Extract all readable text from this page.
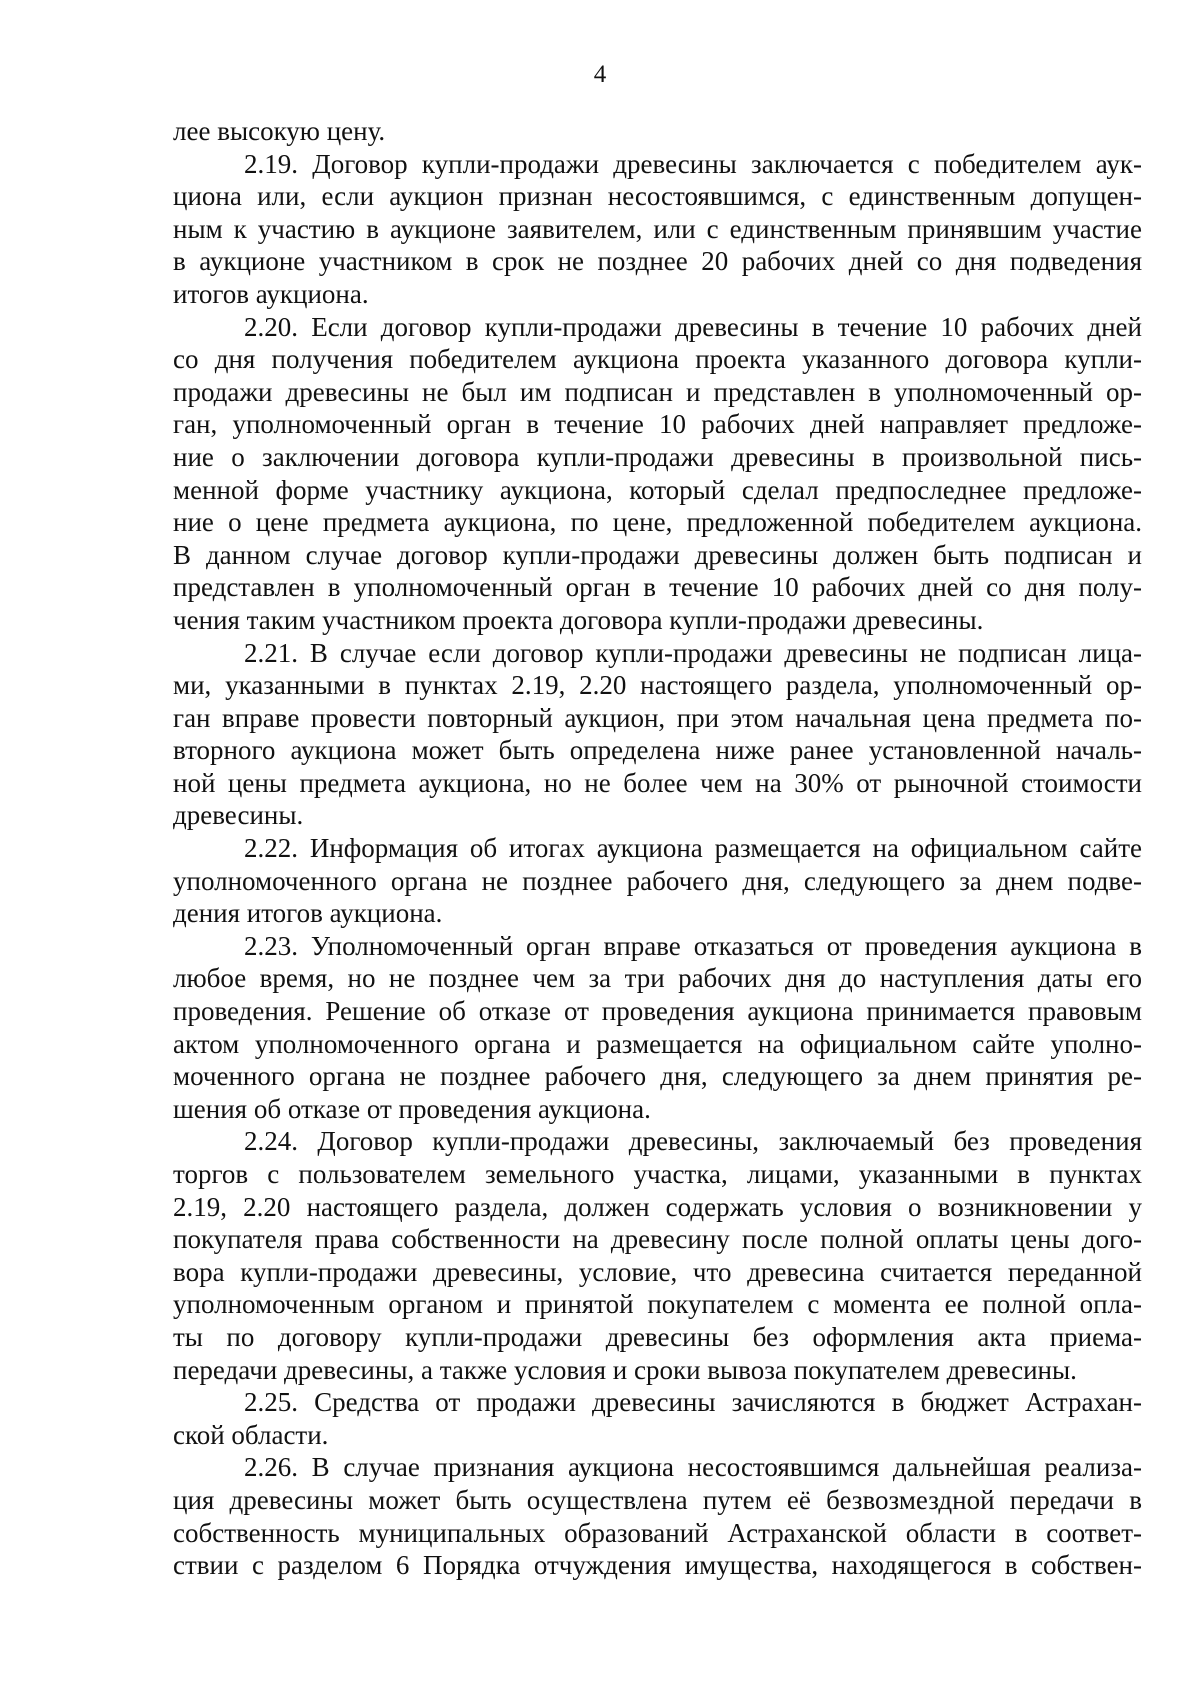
4
лее высокую цену.
2.19. Договор купли-продажи древесины заключается с победителем аук-
циона или, если аукцион признан несостоявшимся, с единственным допущен-
ным к участию в аукционе заявителем, или с единственным принявшим участие
в аукционе участником в срок не позднее 20 рабочих дней со дня подведения
итогов аукциона.
2.20. Если договор купли-продажи древесины в течение 10 рабочих дней
со дня получения победителем аукциона проекта указанного договора купли-
продажи древесины не был им подписан и представлен в уполномоченный ор-
ган, уполномоченный орган в течение 10 рабочих дней направляет предложе-
ние о заключении договора купли-продажи древесины в произвольной пись-
менной форме участнику аукциона, который сделал предпоследнее предложе-
ние о цене предмета аукциона, по цене, предложенной победителем аукциона.
В данном случае договор купли-продажи древесины должен быть подписан и
представлен в уполномоченный орган в течение 10 рабочих дней со дня полу-
чения таким участником проекта договора купли-продажи древесины.
2.21. В случае если договор купли-продажи древесины не подписан лица-
ми, указанными в пунктах 2.19, 2.20 настоящего раздела, уполномоченный ор-
ган вправе провести повторный аукцион, при этом начальная цена предмета по-
вторного аукциона может быть определена ниже ранее установленной началь-
ной цены предмета аукциона, но не более чем на 30% от рыночной стоимости
древесины.
2.22. Информация об итогах аукциона размещается на официальном сайте
уполномоченного органа не позднее рабочего дня, следующего за днем подве-
дения итогов аукциона.
2.23. Уполномоченный орган вправе отказаться от проведения аукциона в
любое время, но не позднее чем за три рабочих дня до наступления даты его
проведения. Решение об отказе от проведения аукциона принимается правовым
актом уполномоченного органа и размещается на официальном сайте уполно-
моченного органа не позднее рабочего дня, следующего за днем принятия ре-
шения об отказе от проведения аукциона.
2.24. Договор купли-продажи древесины, заключаемый без проведения
торгов с пользователем земельного участка, лицами, указанными в пунктах
2.19, 2.20 настоящего раздела, должен содержать условия о возникновении у
покупателя права собственности на древесину после полной оплаты цены дого-
вора купли-продажи древесины, условие, что древесина считается переданной
уполномоченным органом и принятой покупателем с момента ее полной опла-
ты по договору купли-продажи древесины без оформления акта приема-
передачи древесины, а также условия и сроки вывоза покупателем древесины.
2.25. Средства от продажи древесины зачисляются в бюджет Астрахан-
ской области.
2.26. В случае признания аукциона несостоявшимся дальнейшая реализа-
ция древесины может быть осуществлена путем её безвозмездной передачи в
собственность муниципальных образований Астраханской области в соответ-
ствии с разделом 6 Порядка отчуждения имущества, находящегося в собствен-
